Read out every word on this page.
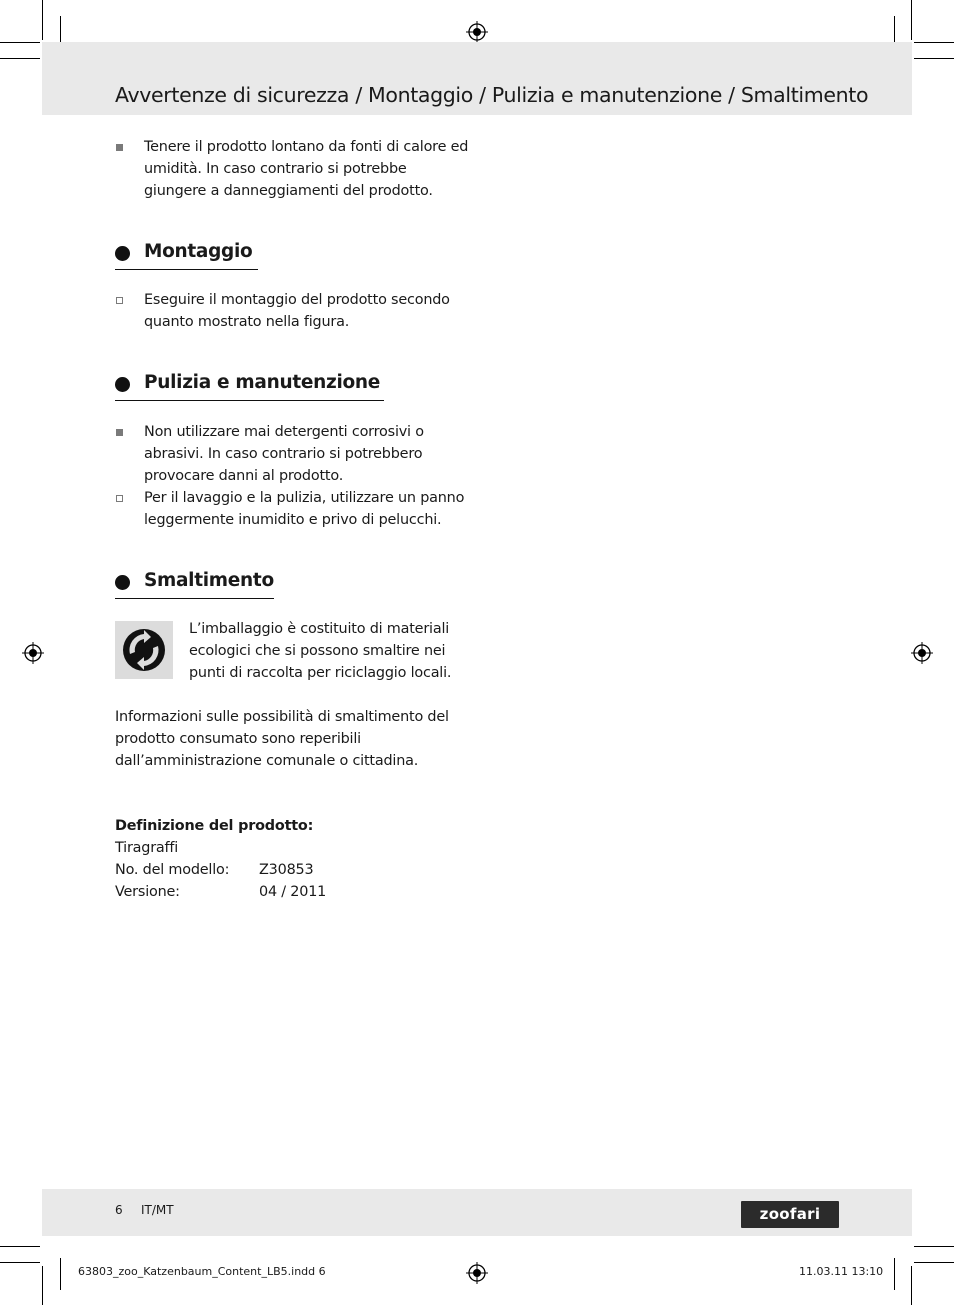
Avvertenze di sicurezza / Montaggio / Pulizia e manutenzione / Smaltimento
Tenere il prodotto lontano da fonti di calore ed umidità. In caso contrario si potrebbe giungere a danneggiamenti del prodotto.
Montaggio
Eseguire il montaggio del prodotto secondo quanto mostrato nella figura.
Pulizia e manutenzione
Non utilizzare mai detergenti corrosivi o abrasivi. In caso contrario si potrebbero provocare danni al prodotto.
Per il lavaggio e la pulizia, utilizzare un panno leggermente inumidito e privo di pelucchi.
Smaltimento
L’imballaggio è costituito di materiali ecologici che si possono smaltire nei punti di raccolta per riciclaggio locali.
Informazioni sulle possibilità di smaltimento del prodotto consumato sono reperibili dall’amministrazione comunale o cittadina.
Definizione del prodotto:
Tiragraffi
No. del modello: Z30853
Versione:	04 / 2011
6 IT/MT	zoofari
63803_zoo_Katzenbaum_Content_LB5.indd 6	11.03.11 13:10
